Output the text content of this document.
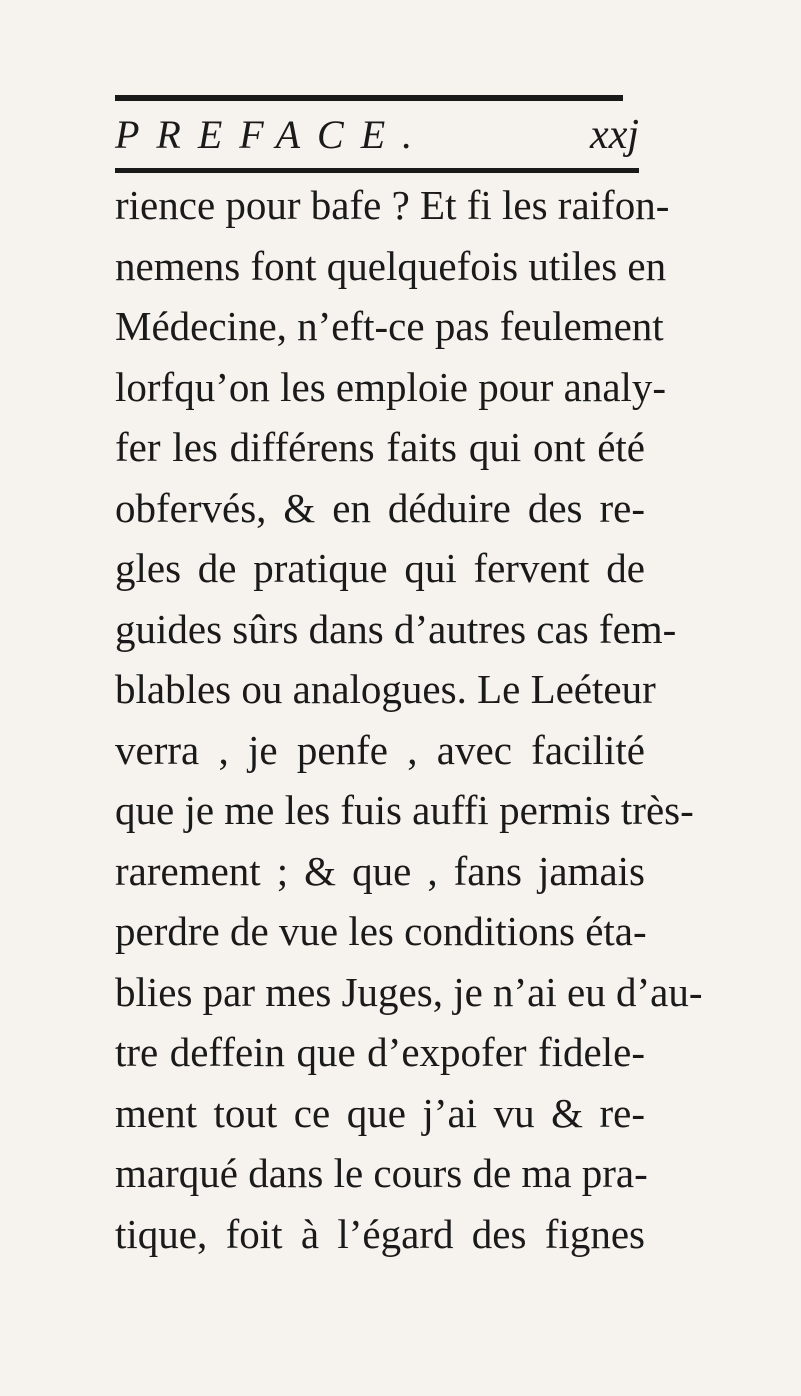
PREFACE.	xxj
rience pour bafe ? Et fi les raifon-
nemens font quelquefois utiles en
Médecine, n’eft-ce pas feulement
lorfqu’on les emploie pour analy-
fer les différens faits qui ont été
obfervés, & en déduire des re-
gles de pratique qui fervent de
guides sûrs dans d’autres cas fem-
blables ou analogues. Le Leéteur
verra , je penfe , avec facilité
que je me les fuis auffi permis très-
rarement ; & que , fans jamais
perdre de vue les conditions éta-
blies par mes Juges, je n’ai eu d’au-
tre deffein que d’expofer fidele-
ment tout ce que j’ai vu & re-
marqué dans le cours de ma pra-
tique, foit à l’égard des fignes
